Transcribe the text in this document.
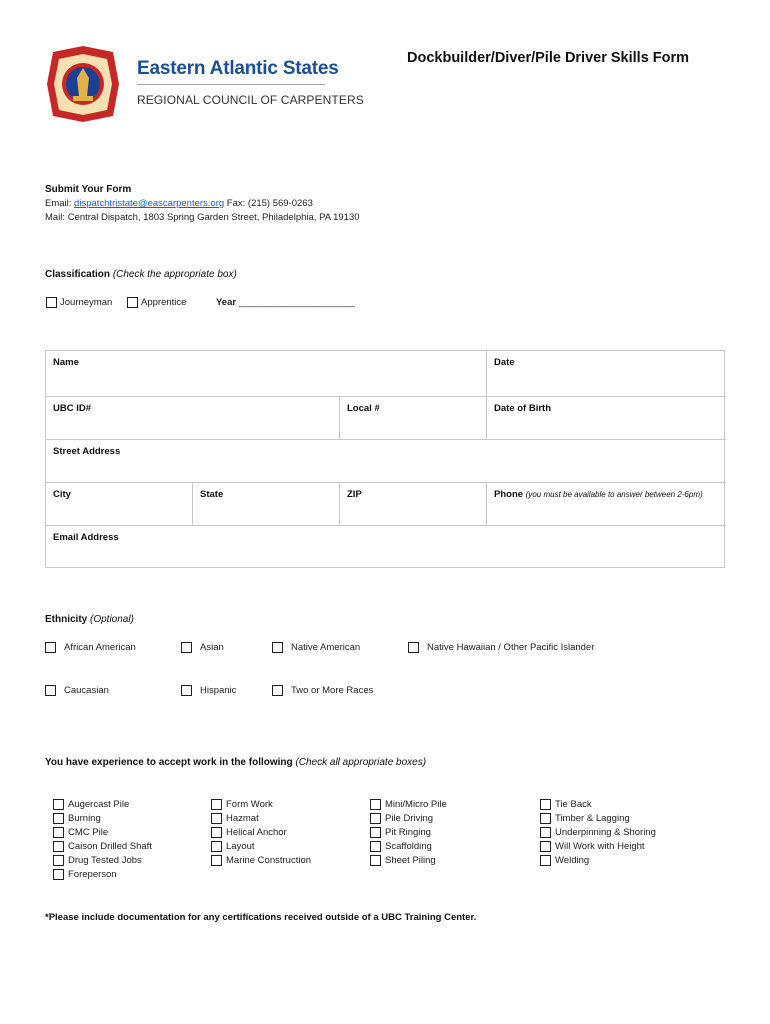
Eastern Atlantic States
REGIONAL COUNCIL OF CARPENTERS
Dockbuilder/Diver/Pile Driver Skills Form
Submit Your Form
Email: dispatchtristate@eascarpenters.org Fax: (215) 569-0263
Mail: Central Dispatch, 1803 Spring Garden Street, Philadelphia, PA 19130
Classification (Check the appropriate box)
Journeyman	Apprentice	Year ______________________
Name	Date
UBC ID#	Local #	Date of Birth
Street Address
City	State	ZIP	Phone (you must be available to answer between 2-6pm)
Email Address
Ethnicity (Optional)
African American	Asian	Native American	Native Hawaiian / Other Pacific Islander
Caucasian	Hispanic	Two or More Races
You have experience to accept work in the following (Check all appropriate boxes)
Augercast Pile
Burning
CMC Pile
Caison Drilled Shaft
Drug Tested Jobs
Foreperson
Form Work
Hazmat
Helical Anchor
Layout
Marine Construction
Mini/Micro Pile
Pile Driving
Pit Ringing
Scaffolding
Sheet Piling
Tie Back
Timber & Lagging
Underpinning & Shoring
Will Work with Height
Welding
*Please include documentation for any certifications received outside of a UBC Training Center.
